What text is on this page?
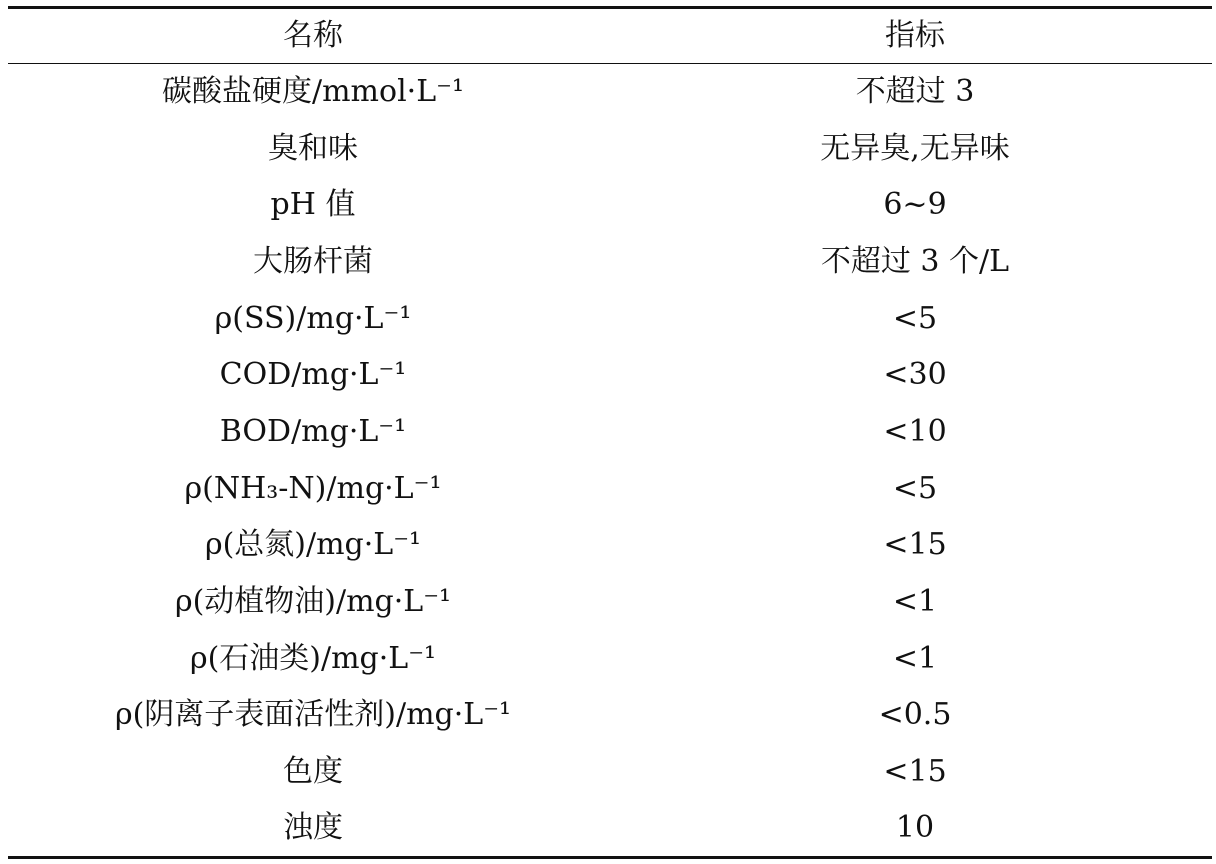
名称	指标
碳酸盐硬度/mmol·L⁻¹	不超过 3
臭和味	无异臭,无异味
pH 值	6~9
大肠杆菌	不超过 3 个/L
ρ(SS)/mg·L⁻¹	<5
COD/mg·L⁻¹	<30
BOD/mg·L⁻¹	<10
ρ(NH₃-N)/mg·L⁻¹	<5
ρ(总氮)/mg·L⁻¹	<15
ρ(动植物油)/mg·L⁻¹	<1
ρ(石油类)/mg·L⁻¹	<1
ρ(阴离子表面活性剂)/mg·L⁻¹	<0.5
色度	<15
浊度	10
